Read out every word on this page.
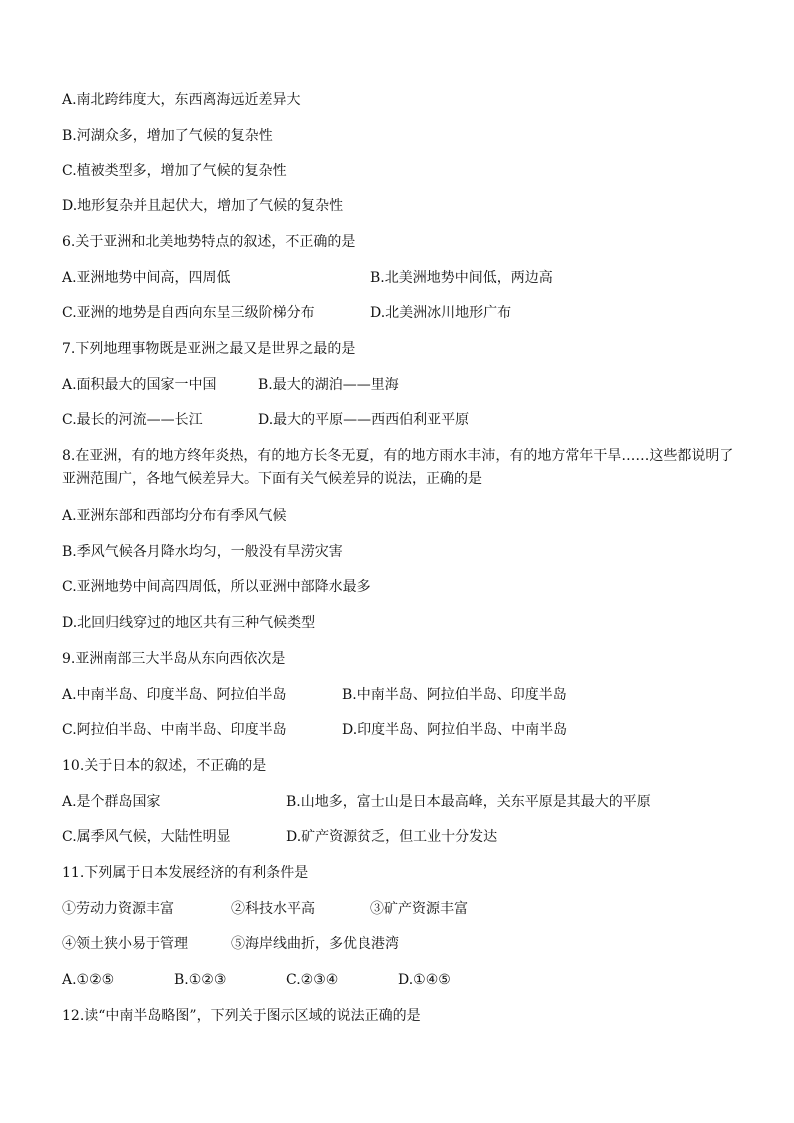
A.南北跨纬度大，东西离海远近差异大
B.河湖众多，增加了气候的复杂性
C.植被类型多，增加了气候的复杂性
D.地形复杂并且起伏大，增加了气候的复杂性
6.关于亚洲和北美地势特点的叙述，不正确的是
A.亚洲地势中间高，四周低	B.北美洲地势中间低，两边高
C.亚洲的地势是自西向东呈三级阶梯分布	D.北美洲冰川地形广布
7.下列地理事物既是亚洲之最又是世界之最的是
A.面积最大的国家一中国	B.最大的湖泊——里海
C.最长的河流——长江	D.最大的平原——西西伯利亚平原
8.在亚洲，有的地方终年炎热，有的地方长冬无夏，有的地方雨水丰沛，有的地方常年干旱……这些都说明了亚洲范围广，各地气候差异大。下面有关气候差异的说法，正确的是
A.亚洲东部和西部均分布有季风气候
B.季风气候各月降水均匀，一般没有旱涝灾害
C.亚洲地势中间高四周低，所以亚洲中部降水最多
D.北回归线穿过的地区共有三种气候类型
9.亚洲南部三大半岛从东向西依次是
A.中南半岛、印度半岛、阿拉伯半岛	B.中南半岛、阿拉伯半岛、印度半岛
C.阿拉伯半岛、中南半岛、印度半岛	D.印度半岛、阿拉伯半岛、中南半岛
10.关于日本的叙述，不正确的是
A.是个群岛国家	B.山地多，富士山是日本最高峰，关东平原是其最大的平原
C.属季风气候，大陆性明显	D.矿产资源贫乏，但工业十分发达
11.下列属于日本发展经济的有利条件是
①劳动力资源丰富	②科技水平高	③矿产资源丰富
④领土狭小易于管理	⑤海岸线曲折，多优良港湾
A.①②⑤	B.①②③	C.②③④	D.①④⑤
12.读“中南半岛略图”，下列关于图示区域的说法正确的是
